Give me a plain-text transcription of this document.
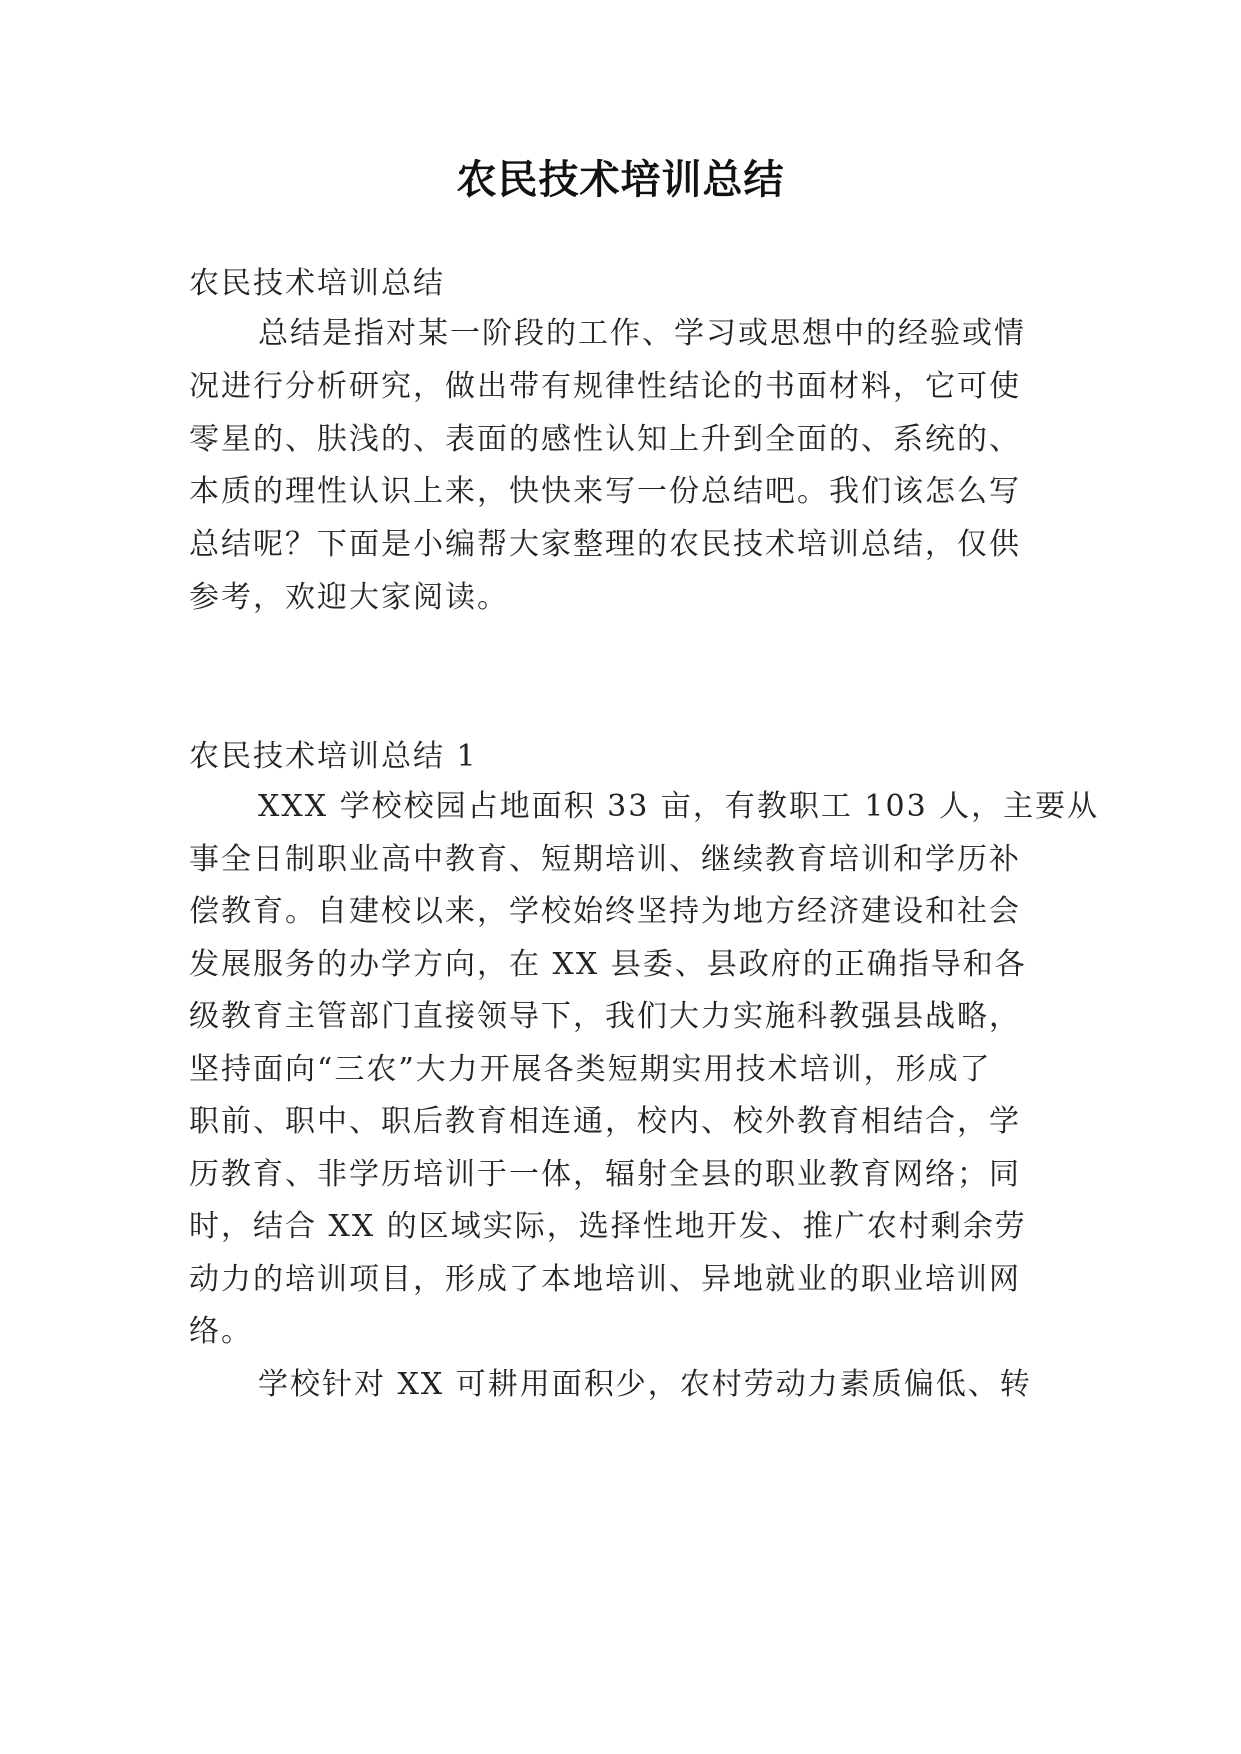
农民技术培训总结
农民技术培训总结
总结是指对某一阶段的工作、学习或思想中的经验或情
况进行分析研究，做出带有规律性结论的书面材料，它可使
零星的、肤浅的、表面的感性认知上升到全面的、系统的、
本质的理性认识上来，快快来写一份总结吧。我们该怎么写
总结呢？下面是小编帮大家整理的农民技术培训总结，仅供
参考，欢迎大家阅读。
农民技术培训总结 1
XXX 学校校园占地面积 33 亩，有教职工 103 人，主要从
事全日制职业高中教育、短期培训、继续教育培训和学历补
偿教育。自建校以来，学校始终坚持为地方经济建设和社会
发展服务的办学方向，在 XX 县委、县政府的正确指导和各
级教育主管部门直接领导下，我们大力实施科教强县战略，
坚持面向“三农”大力开展各类短期实用技术培训，形成了
职前、职中、职后教育相连通，校内、校外教育相结合，学
历教育、非学历培训于一体，辐射全县的职业教育网络；同
时，结合 XX 的区域实际，选择性地开发、推广农村剩余劳
动力的培训项目，形成了本地培训、异地就业的职业培训网
络。
学校针对 XX 可耕用面积少，农村劳动力素质偏低、转
